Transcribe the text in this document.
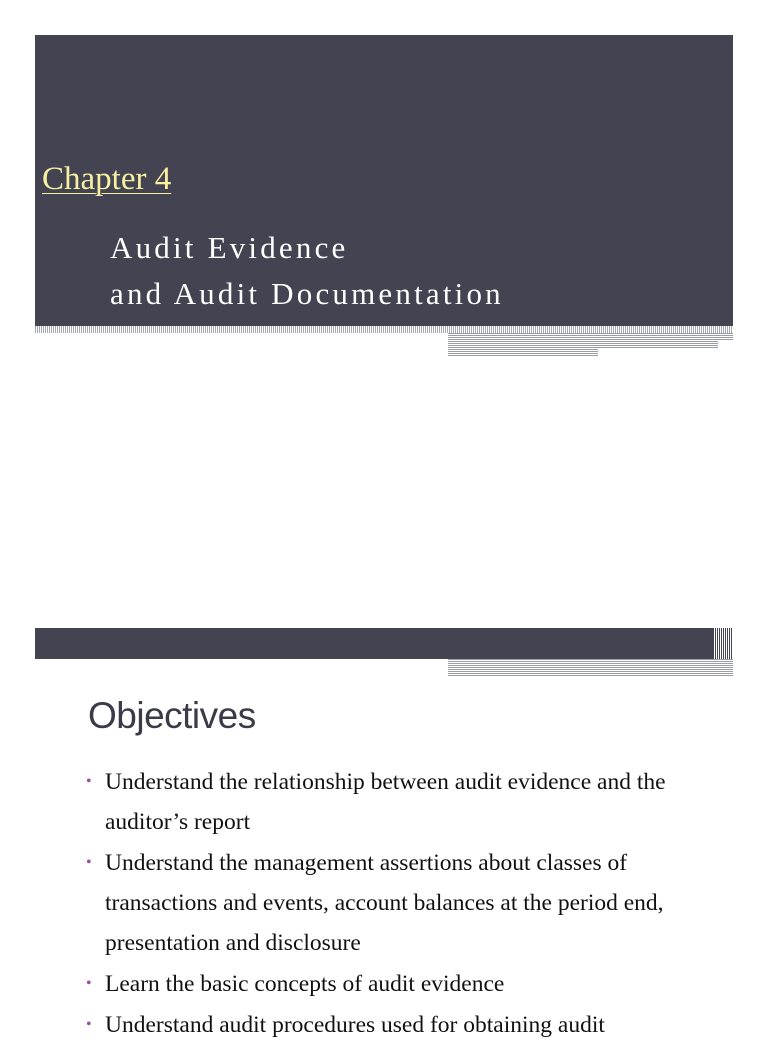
Chapter 4
Audit Evidence
and Audit Documentation
Objectives
• Understand the relationship between audit evidence and the auditor’s report
• Understand the management assertions about classes of transactions and events, account balances at the period end, presentation and disclosure
• Learn the basic concepts of audit evidence
• Understand audit procedures used for obtaining audit
